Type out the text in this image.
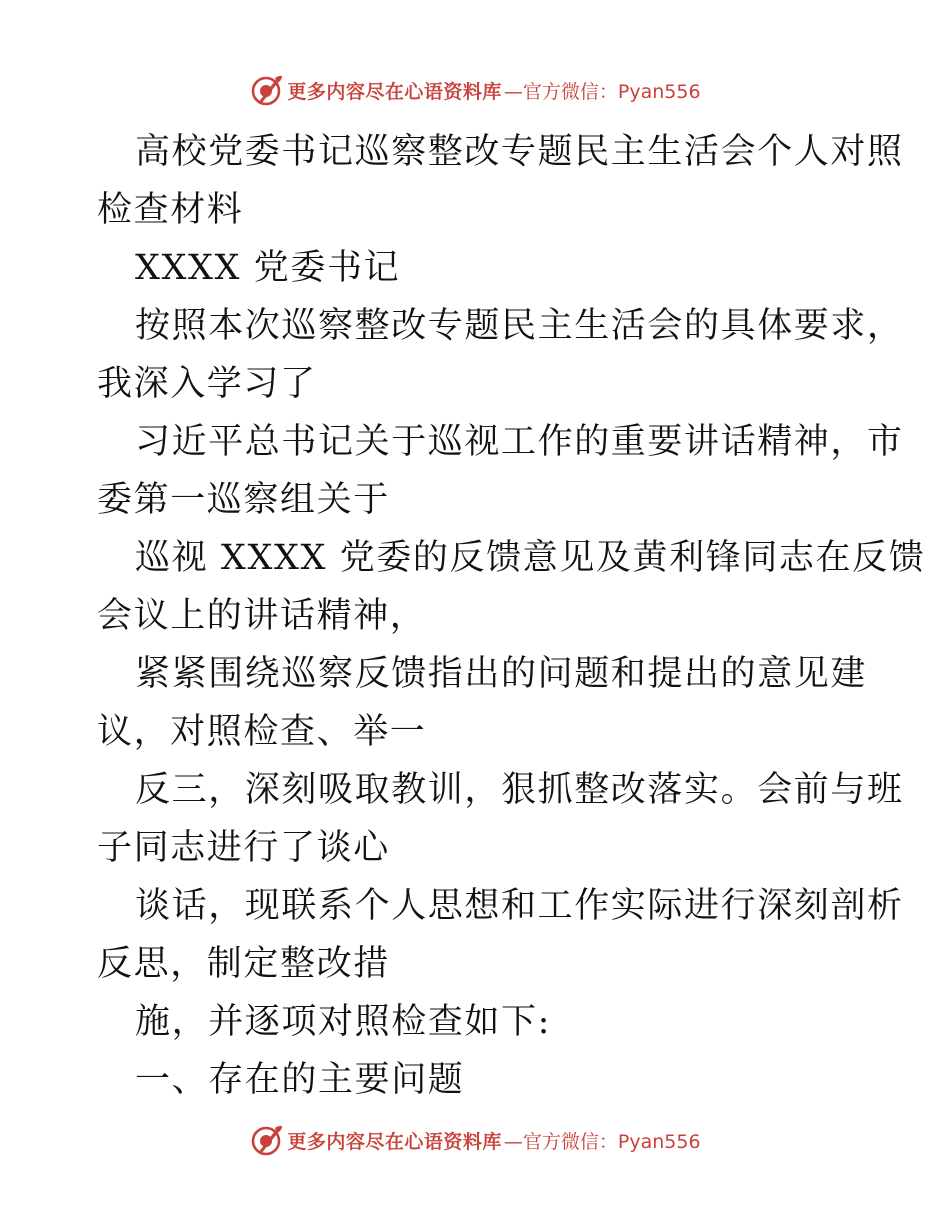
更多内容尽在心语资料库 —官方微信：Pyan556
高校党委书记巡察整改专题民主生活会个人对照
检查材料
XXXX 党委书记
按照本次巡察整改专题民主生活会的具体要求，
我深入学习了
习近平总书记关于巡视工作的重要讲话精神，市
委第一巡察组关于
巡视 XXXX 党委的反馈意见及黄利锋同志在反馈
会议上的讲话精神，
紧紧围绕巡察反馈指出的问题和提出的意见建
议，对照检查、举一
反三，深刻吸取教训，狠抓整改落实。会前与班
子同志进行了谈心
谈话，现联系个人思想和工作实际进行深刻剖析
反思，制定整改措
施，并逐项对照检查如下:
一、存在的主要问题
更多内容尽在心语资料库 —官方微信：Pyan556
